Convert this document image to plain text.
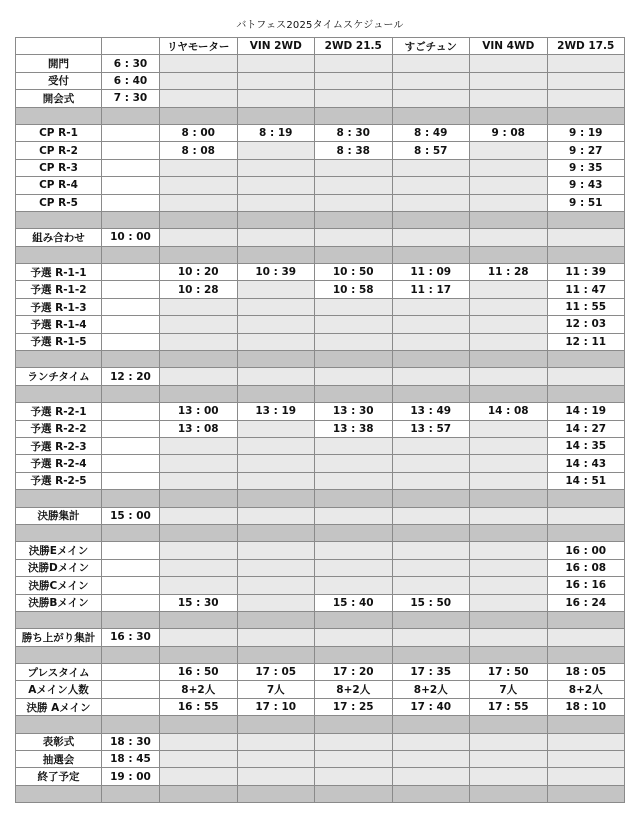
バトフェス2025タイムスケジュール
		リヤモーター	VIN 2WD	2WD 21.5	すごチュン	VIN 4WD	2WD 17.5
開門	6 : 30						
受付	6 : 40						
開会式	7 : 30						

CP R-1		8 : 00	8 : 19	8 : 30	8 : 49	9 : 08	9 : 19
CP R-2		8 : 08		8 : 38	8 : 57		9 : 27
CP R-3							9 : 35
CP R-4							9 : 43
CP R-5							9 : 51

組み合わせ	10 : 00						

予選 R-1-1		10 : 20	10 : 39	10 : 50	11 : 09	11 : 28	11 : 39
予選 R-1-2		10 : 28		10 : 58	11 : 17		11 : 47
予選 R-1-3							11 : 55
予選 R-1-4							12 : 03
予選 R-1-5							12 : 11

ランチタイム	12 : 20						

予選 R-2-1		13 : 00	13 : 19	13 : 30	13 : 49	14 : 08	14 : 19
予選 R-2-2		13 : 08		13 : 38	13 : 57		14 : 27
予選 R-2-3							14 : 35
予選 R-2-4							14 : 43
予選 R-2-5							14 : 51

決勝集計	15 : 00						

決勝Eメイン							16 : 00
決勝Dメイン							16 : 08
決勝Cメイン							16 : 16
決勝Bメイン		15 : 30		15 : 40	15 : 50		16 : 24

勝ち上がり集計	16 : 30						

プレスタイム		16 : 50	17 : 05	17 : 20	17 : 35	17 : 50	18 : 05
Aメイン人数		8+2人	7人	8+2人	8+2人	7人	8+2人
決勝 Aメイン		16 : 55	17 : 10	17 : 25	17 : 40	17 : 55	18 : 10

表彰式	18 : 30						
抽選会	18 : 45						
終了予定	19 : 00						
